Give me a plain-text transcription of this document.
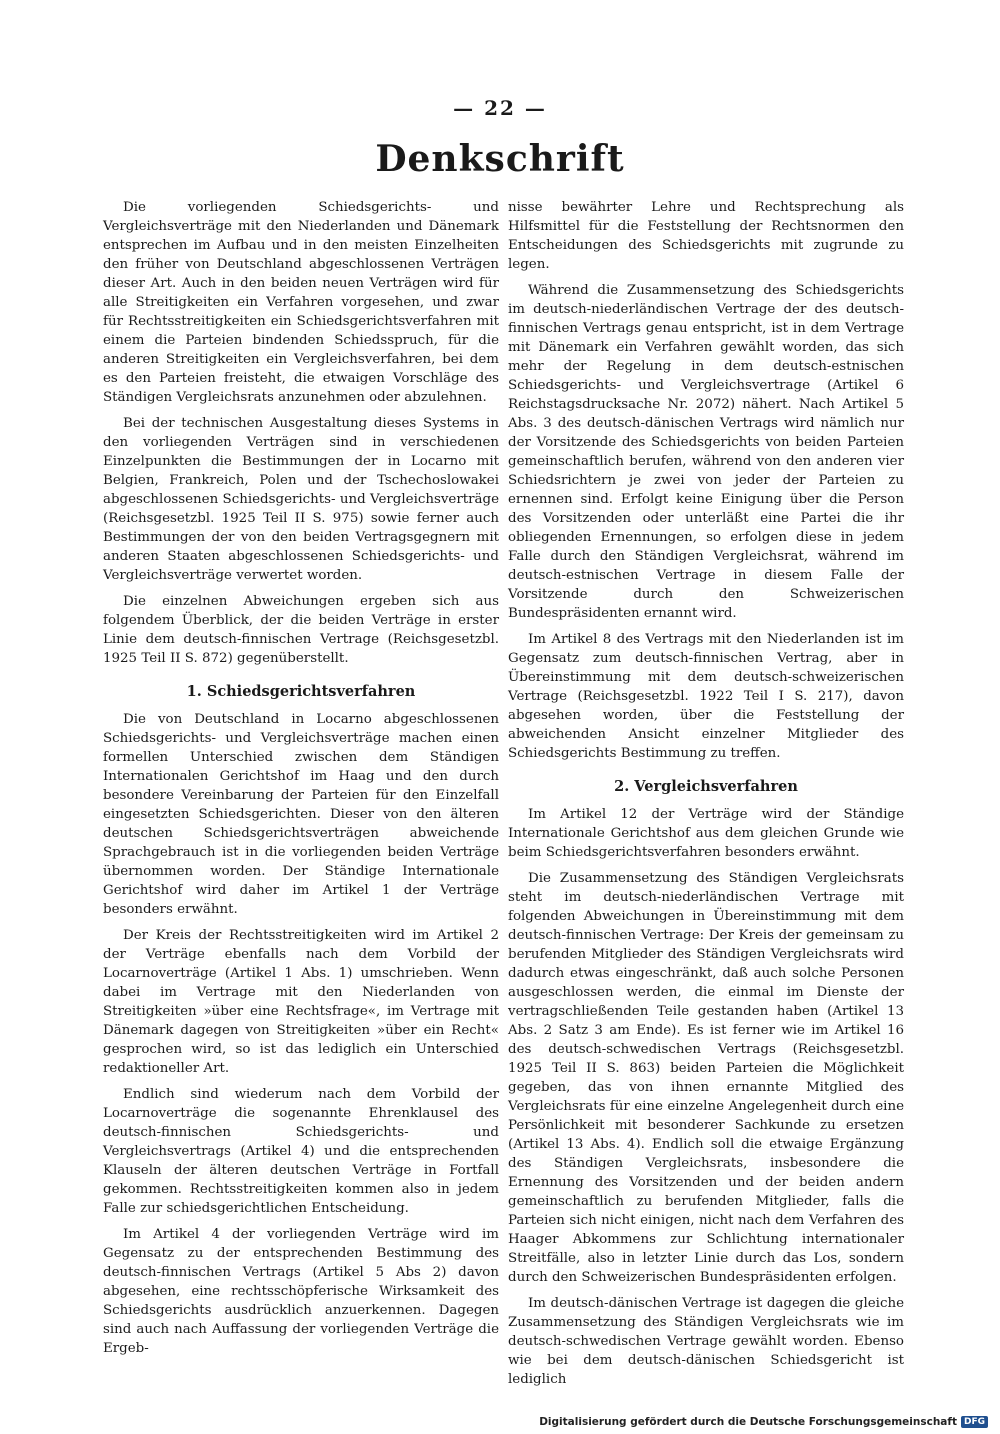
— 22 —
Denkschrift

Die vorliegenden Schiedsgerichts- und Vergleichsverträge mit den Niederlanden und Dänemark entsprechen im Aufbau und in den meisten Einzelheiten den früher von Deutschland abgeschlossenen Verträgen dieser Art. Auch in den beiden neuen Verträgen wird für alle Streitigkeiten ein Verfahren vorgesehen, und zwar für Rechtsstreitigkeiten ein Schiedsgerichtsverfahren mit einem die Parteien bindenden Schiedsspruch, für die anderen Streitigkeiten ein Vergleichsverfahren, bei dem es den Parteien freisteht, die etwaigen Vorschläge des Ständigen Vergleichsrats anzunehmen oder abzulehnen.

Bei der technischen Ausgestaltung dieses Systems in den vorliegenden Verträgen sind in verschiedenen Einzelpunkten die Bestimmungen der in Locarno mit Belgien, Frankreich, Polen und der Tschechoslowakei abgeschlossenen Schiedsgerichts- und Vergleichsverträge (Reichsgesetzbl. 1925 Teil II S. 975) sowie ferner auch Bestimmungen der von den beiden Vertragsgegnern mit anderen Staaten abgeschlossenen Schiedsgerichts- und Vergleichsverträge verwertet worden.

Die einzelnen Abweichungen ergeben sich aus folgendem Überblick, der die beiden Verträge in erster Linie dem deutsch-finnischen Vertrage (Reichsgesetzbl. 1925 Teil II S. 872) gegenüberstellt.

1. Schiedsgerichtsverfahren

Die von Deutschland in Locarno abgeschlossenen Schiedsgerichts- und Vergleichsverträge machen einen formellen Unterschied zwischen dem Ständigen Internationalen Gerichtshof im Haag und den durch besondere Vereinbarung der Parteien für den Einzelfall eingesetzten Schiedsgerichten. Dieser von den älteren deutschen Schiedsgerichtsverträgen abweichende Sprachgebrauch ist in die vorliegenden beiden Verträge übernommen worden. Der Ständige Internationale Gerichtshof wird daher im Artikel 1 der Verträge besonders erwähnt.

Der Kreis der Rechtsstreitigkeiten wird im Artikel 2 der Verträge ebenfalls nach dem Vorbild der Locarnoverträge (Artikel 1 Abs. 1) umschrieben. Wenn dabei im Vertrage mit den Niederlanden von Streitigkeiten »über eine Rechtsfrage«, im Vertrage mit Dänemark dagegen von Streitigkeiten »über ein Recht« gesprochen wird, so ist das lediglich ein Unterschied redaktioneller Art.

Endlich sind wiederum nach dem Vorbild der Locarnoverträge die sogenannte Ehrenklausel des deutsch-finnischen Schiedsgerichts- und Vergleichsvertrags (Artikel 4) und die entsprechenden Klauseln der älteren deutschen Verträge in Fortfall gekommen. Rechtsstreitigkeiten kommen also in jedem Falle zur schiedsgerichtlichen Entscheidung.

Im Artikel 4 der vorliegenden Verträge wird im Gegensatz zu der entsprechenden Bestimmung des deutsch-finnischen Vertrags (Artikel 5 Abs 2) davon abgesehen, eine rechtsschöpferische Wirksamkeit des Schiedsgerichts ausdrücklich anzuerkennen. Dagegen sind auch nach Auffassung der vorliegenden Verträge die Ergeb-

nisse bewährter Lehre und Rechtsprechung als Hilfsmittel für die Feststellung der Rechtsnormen den Entscheidungen des Schiedsgerichts mit zugrunde zu legen.

Während die Zusammensetzung des Schiedsgerichts im deutsch-niederländischen Vertrage der des deutsch-finnischen Vertrags genau entspricht, ist in dem Vertrage mit Dänemark ein Verfahren gewählt worden, das sich mehr der Regelung in dem deutsch-estnischen Schiedsgerichts- und Vergleichsvertrage (Artikel 6 Reichstagsdrucksache Nr. 2072) nähert. Nach Artikel 5 Abs. 3 des deutsch-dänischen Vertrags wird nämlich nur der Vorsitzende des Schiedsgerichts von beiden Parteien gemeinschaftlich berufen, während von den anderen vier Schiedsrichtern je zwei von jeder der Parteien zu ernennen sind. Erfolgt keine Einigung über die Person des Vorsitzenden oder unterläßt eine Partei die ihr obliegenden Ernennungen, so erfolgen diese in jedem Falle durch den Ständigen Vergleichsrat, während im deutsch-estnischen Vertrage in diesem Falle der Vorsitzende durch den Schweizerischen Bundespräsidenten ernannt wird.

Im Artikel 8 des Vertrags mit den Niederlanden ist im Gegensatz zum deutsch-finnischen Vertrag, aber in Übereinstimmung mit dem deutsch-schweizerischen Vertrage (Reichsgesetzbl. 1922 Teil I S. 217), davon abgesehen worden, über die Feststellung der abweichenden Ansicht einzelner Mitglieder des Schiedsgerichts Bestimmung zu treffen.

2. Vergleichsverfahren

Im Artikel 12 der Verträge wird der Ständige Internationale Gerichtshof aus dem gleichen Grunde wie beim Schiedsgerichtsverfahren besonders erwähnt.

Die Zusammensetzung des Ständigen Vergleichsrats steht im deutsch-niederländischen Vertrage mit folgenden Abweichungen in Übereinstimmung mit dem deutsch-finnischen Vertrage: Der Kreis der gemeinsam zu berufenden Mitglieder des Ständigen Vergleichsrats wird dadurch etwas eingeschränkt, daß auch solche Personen ausgeschlossen werden, die einmal im Dienste der vertragschließenden Teile gestanden haben (Artikel 13 Abs. 2 Satz 3 am Ende). Es ist ferner wie im Artikel 16 des deutsch-schwedischen Vertrags (Reichsgesetzbl. 1925 Teil II S. 863) beiden Parteien die Möglichkeit gegeben, das von ihnen ernannte Mitglied des Vergleichsrats für eine einzelne Angelegenheit durch eine Persönlichkeit mit besonderer Sachkunde zu ersetzen (Artikel 13 Abs. 4). Endlich soll die etwaige Ergänzung des Ständigen Vergleichsrats, insbesondere die Ernennung des Vorsitzenden und der beiden andern gemeinschaftlich zu berufenden Mitglieder, falls die Parteien sich nicht einigen, nicht nach dem Verfahren des Haager Abkommens zur Schlichtung internationaler Streitfälle, also in letzter Linie durch das Los, sondern durch den Schweizerischen Bundespräsidenten erfolgen.

Im deutsch-dänischen Vertrage ist dagegen die gleiche Zusammensetzung des Ständigen Vergleichsrats wie im deutsch-schwedischen Vertrage gewählt worden. Ebenso wie bei dem deutsch-dänischen Schiedsgericht ist lediglich

Digitalisierung gefördert durch die Deutsche Forschungsgemeinschaft DFG
